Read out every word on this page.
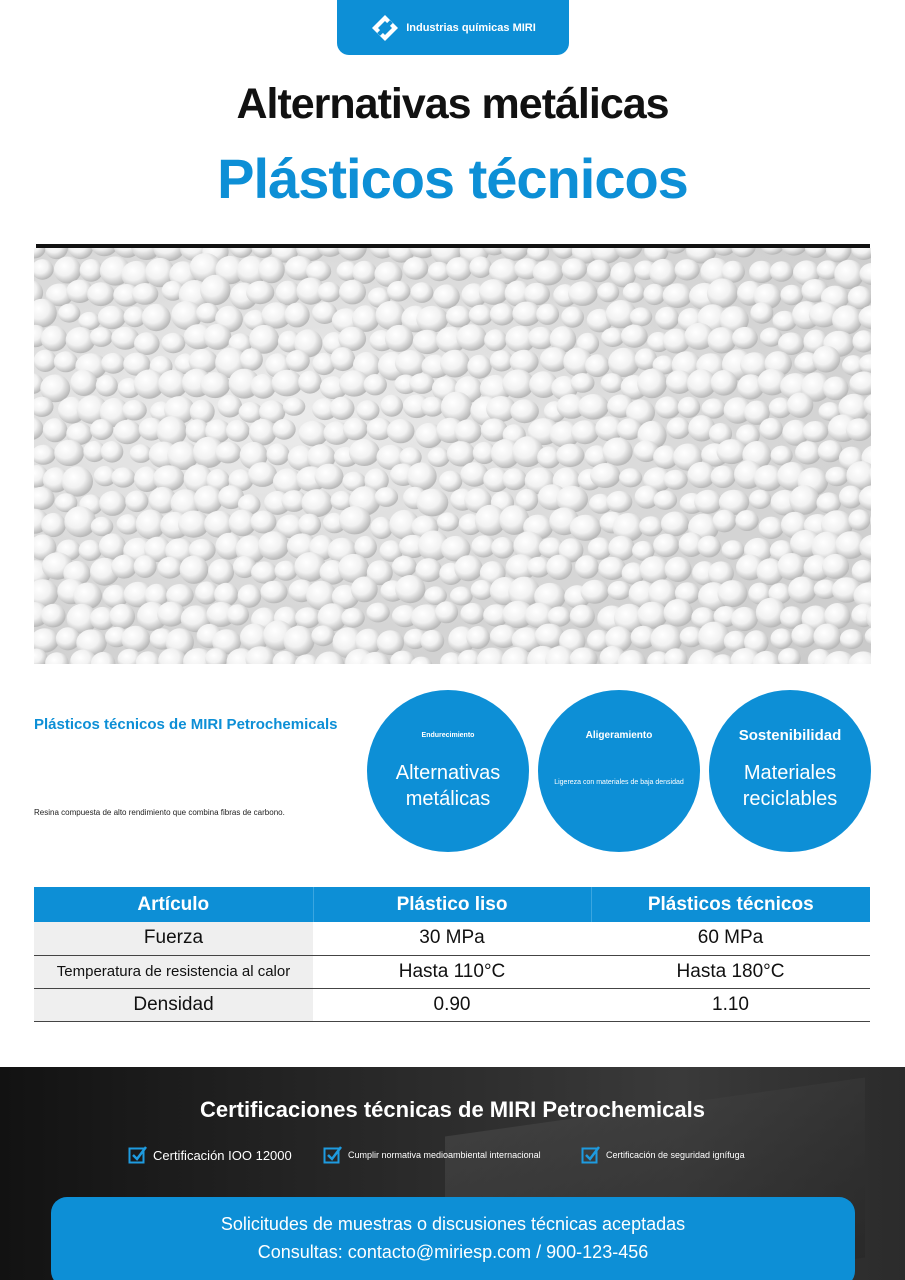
Industrias químicas MIRI
Alternativas metálicas
Plásticos técnicos
Plásticos técnicos de MIRI Petrochemicals
Resina compuesta de alto rendimiento que combina fibras de carbono.
Endurecimiento
Alternativas metálicas
Aligeramiento
Ligereza con materiales de baja densidad
Sostenibilidad
Materiales reciclables
Artículo	Plástico liso	Plásticos técnicos
Fuerza	30 MPa	60 MPa
Temperatura de resistencia al calor	Hasta 110°C	Hasta 180°C
Densidad	0.90	1.10
Certificaciones técnicas de MIRI Petrochemicals
Certificación IOO 12000	Cumplir normativa medioambiental internacional	Certificación de seguridad ignífuga
Solicitudes de muestras o discusiones técnicas aceptadas
Consultas: contacto@miriesp.com / 900-123-456
